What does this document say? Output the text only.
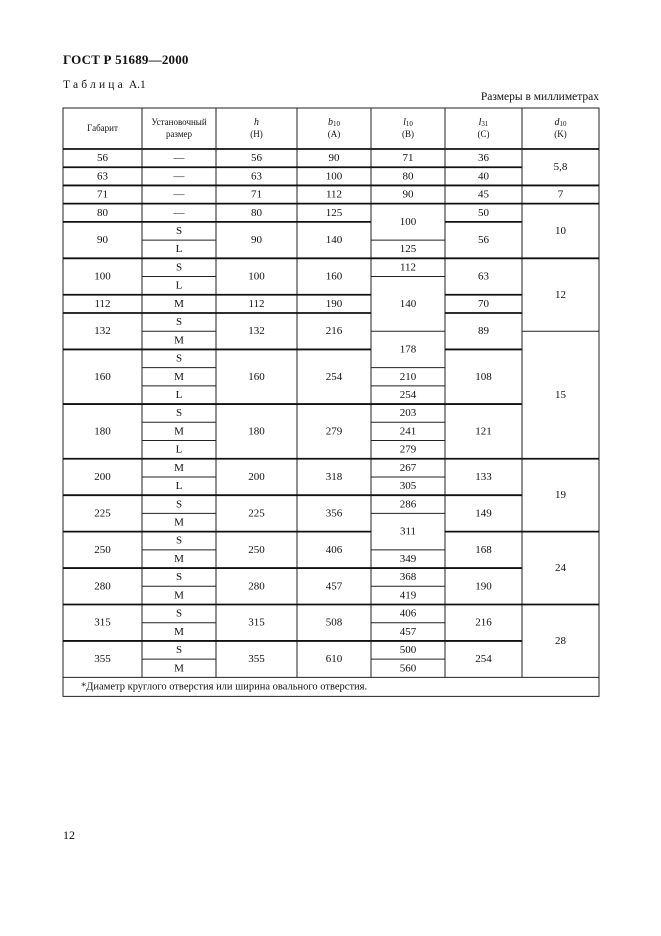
ГОСТ Р 51689—2000
Таблица А.1
Размеры в миллиметрах
Габарит
Установочный
размер
h
(H)
$b_{10}$
(A)
$l_{10}$
(B)
$l_{31}$
(C)
$d_{10}$
(K)
56
63
71
80
90
100
112
132
160
180
200
225
250
280
315
355
—
—
—
—
S
L
S
L
M
S
M
S
M
L
S
M
L
M
L
S
M
S
M
S
M
S
M
S
M
56
63
71
80
90
100
112
132
160
180
200
225
250
280
315
355
90
100
112
125
140
160
190
216
254
279
318
356
406
457
508
610
71
80
90
100
125
112
140
178
210
254
203
241
279
267
305
286
311
349
368
419
406
457
500
560
36
40
45
50
56
63
70
89
108
121
133
149
168
190
216
254
5,8
7
10
12
15
19
24
28
*Диаметр круглого отверстия или ширина овального отверстия.
12
